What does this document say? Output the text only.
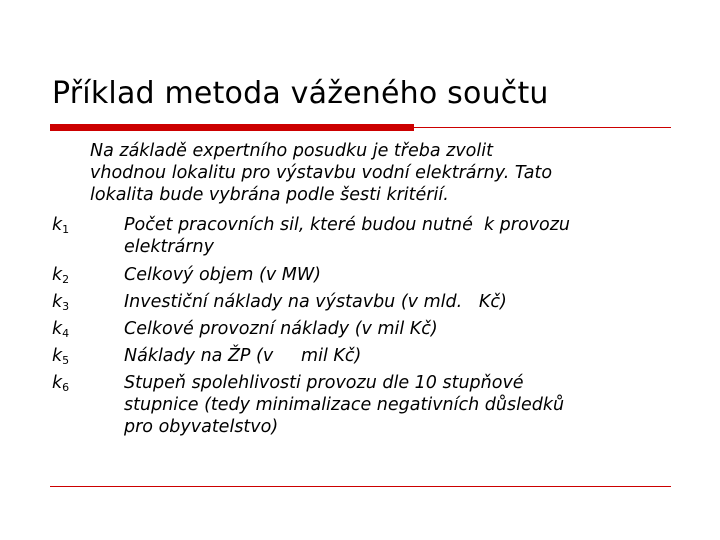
Příklad metoda váženého součtu
Na základě expertního posudku je třeba zvolit
vhodnou lokalitu pro výstavbu vodní elektrárny. Tato
lokalita bude vybrána podle šesti kritérií.
$k_1$	Počet pracovních sil, které budou nutné  k provozu
elektrárny
$k_2$	Celkový objem (v MW)
$k_3$	Investiční náklady na výstavbu (v mld.   Kč)
$k_4$	Celkové provozní náklady (v mil Kč)
$k_5$	Náklady na ŽP (v     mil Kč)
$k_6$	Stupeň spolehlivosti provozu dle 10 stupňové
stupnice (tedy minimalizace negativních důsledků
pro obyvatelstvo)
